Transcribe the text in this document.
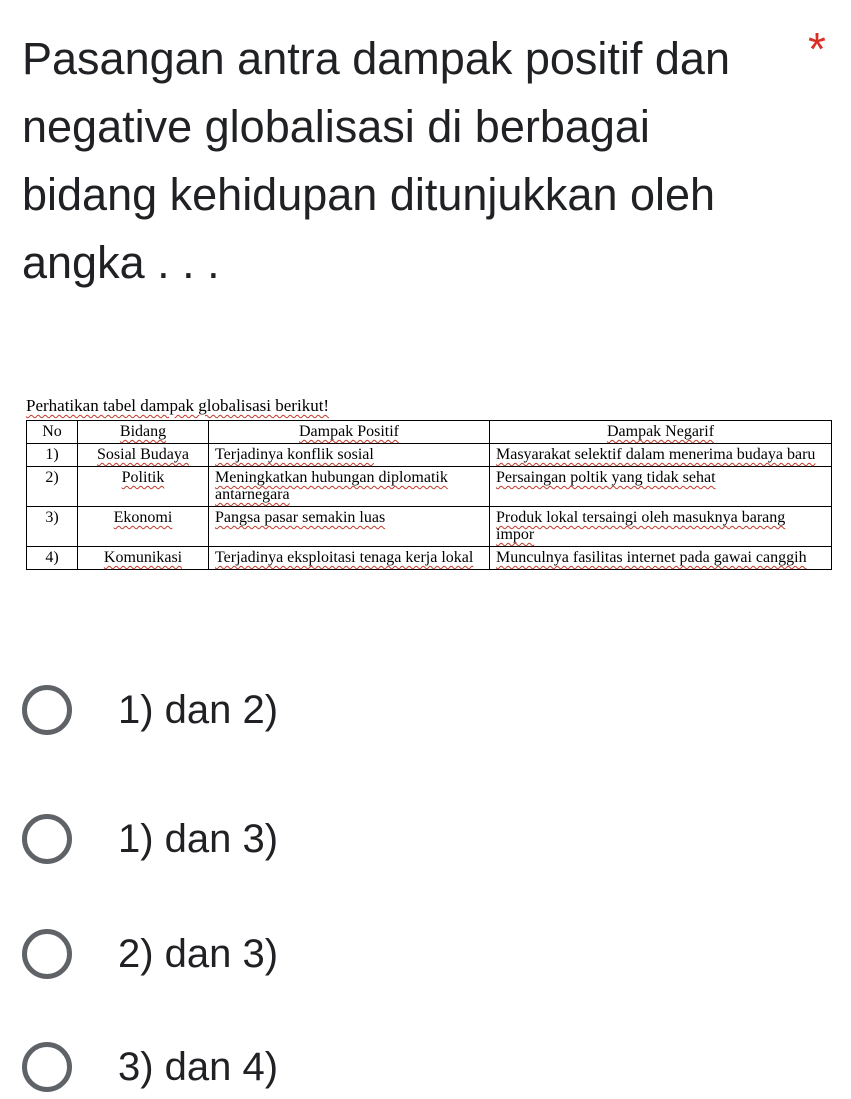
Pasangan antra dampak positif dan negative globalisasi di berbagai bidang kehidupan ditunjukkan oleh angka . . .
*

Perhatikan tabel dampak globalisasi berikut!

No	Bidang	Dampak Positif	Dampak Negarif
1)	Sosial Budaya	Terjadinya konflik sosial	Masyarakat selektif dalam menerima budaya baru
2)	Politik	Meningkatkan hubungan diplomatik antarnegara	Persaingan poltik yang tidak sehat
3)	Ekonomi	Pangsa pasar semakin luas	Produk lokal tersaingi oleh masuknya barang impor
4)	Komunikasi	Terjadinya eksploitasi tenaga kerja lokal	Munculnya fasilitas internet pada gawai canggih
1) dan 2)
1) dan 3)
2) dan 3)
3) dan 4)
